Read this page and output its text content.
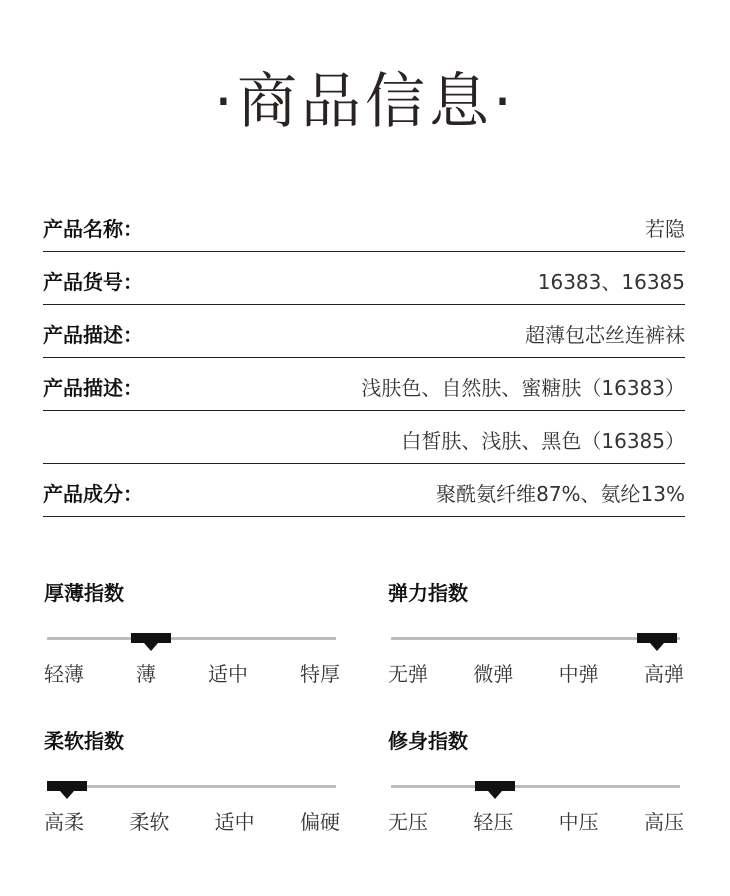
·商品信息·
产品名称：	若隐
产品货号：	16383、16385
产品描述：	超薄包芯丝连裤袜
产品描述：	浅肤色、自然肤、蜜糖肤（16383）
白皙肤、浅肤、黑色（16385）
产品成分：	聚酰氨纤维87%、氨纶13%
厚薄指数
轻薄	薄	适中	特厚
弹力指数
无弹 微弹 中弹 高弹
柔软指数
高柔 柔软 适中 偏硬
修身指数
无压 轻压 中压 高压
